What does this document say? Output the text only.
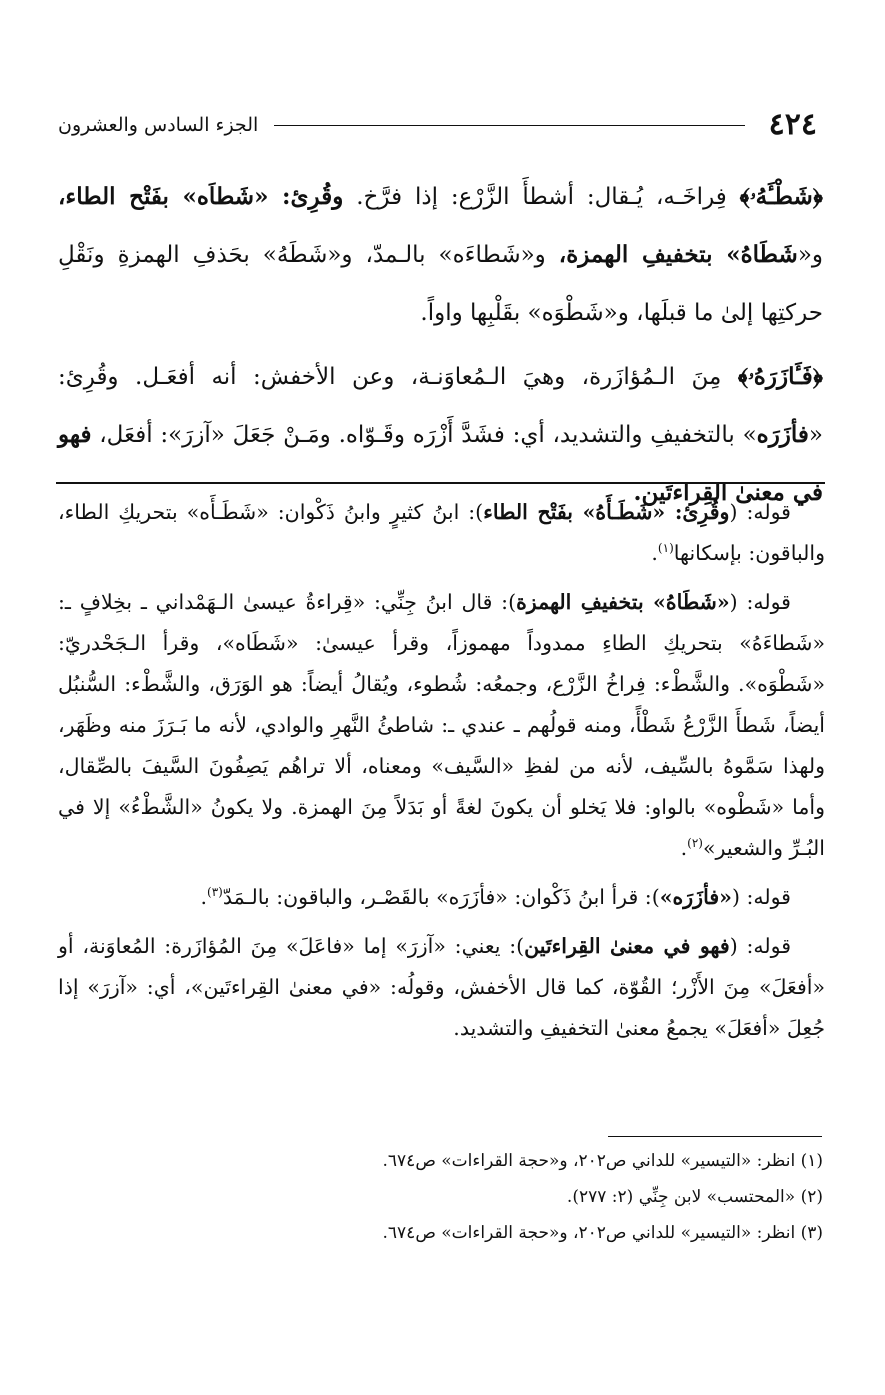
٤٢٤
الجزء السادس والعشرون

﴿شَطْـَٔهُۥ﴾ فِراخَـه، يُـقال: أشطأَ الزَّرْع: إذا فرَّخ. وقُرِئ: «شَطاَه» بفَتْح الطاء، و«شَطَاهُ» بتخفيفِ الهمزة، و«شَطاءَه» بالـمدّ، و«شَطَهُ» بحَذفِ الهمزةِ ونَقْلِ حركتِها إلىٰ ما قبلَها، و«شَطْوَه» بقَلْبِها واواً.

﴿فَـَٔازَرَهُۥ﴾ مِنَ الـمُؤازَرة، وهيَ الـمُعاوَنـة، وعن الأخفش: أنه أفعَـل. وقُرِئ: «فأزَرَه» بالتخفيفِ والتشديد، أي: فشَدَّ أَزْرَه وقَـوّاه. ومَـنْ جَعَلَ «آزرَ»: أفعَل، فهو في معنىٰ القِراءتَين.

قوله: (وقُرِئ: «شَطَـأَهُ» بفَتْح الطاء): ابنُ كثيرٍ وابنُ ذَكْوان: «شَطَـأَه» بتحريكِ الطاء، والباقون: بإسكانها$^{(١)}$.

قوله: («شَطَاهُ» بتخفيفِ الهمزة): قال ابنُ جِنِّي: «قِراءةُ عيسىٰ الـهَمْداني ـ بخِلافٍ ـ: «شَطاءَهُ» بتحريكِ الطاءِ ممدوداً مهموزاً، وقرأ عيسىٰ: «شَطَاه»، وقرأ الـجَحْدريّ: «شَطْوَه». والشَّطْء: فِراخُ الزَّرْع، وجمعُه: شُطوء، ويُقالُ أيضاً: هو الوَرَق، والشَّطْء: السُّنبُل أيضاً، شَطأَ الزَّرْعُ شَطْأً، ومنه قولُهم ـ عندي ـ: شاطئُ النَّهرِ والوادي، لأنه ما بَـرَزَ منه وظَهَر، ولهذا سَمَّوهُ بالسِّيف، لأنه من لفظِ «السَّيف» ومعناه، ألا تراهُم يَصِفُونَ السَّيفَ بالصِّقال، وأما «شَطْوه» بالواو: فلا يَخلو أن يكونَ لغةً أو بَدَلاً مِنَ الهمزة. ولا يكونُ «الشَّطْءُ» إلا في البُـرِّ والشعير»$^{(٢)}$.

قوله: («فأزَرَه»): قرأ ابنُ ذَكْوان: «فأزَرَه» بالقَصْـر، والباقون: بالـمَدّ$^{(٣)}$.

قوله: (فهو في معنىٰ القِراءتَين): يعني: «آزرَ» إما «فاعَلَ» مِنَ المُؤازَرة: المُعاوَنة، أو «أفعَلَ» مِنَ الأَزْر؛ القُوّة، كما قال الأخفش، وقولُه: «في معنىٰ القِراءتَين»، أي: «آزرَ» إذا جُعِلَ «أفعَلَ» يجمعُ معنىٰ التخفيفِ والتشديد.

(١) انظر: «التيسير» للداني ص٢٠٢، و«حجة القراءات» ص٦٧٤.

(٢) «المحتسب» لابن جِنِّي (٢: ٢٧٧).

(٣) انظر: «التيسير» للداني ص٢٠٢، و«حجة القراءات» ص٦٧٤.
